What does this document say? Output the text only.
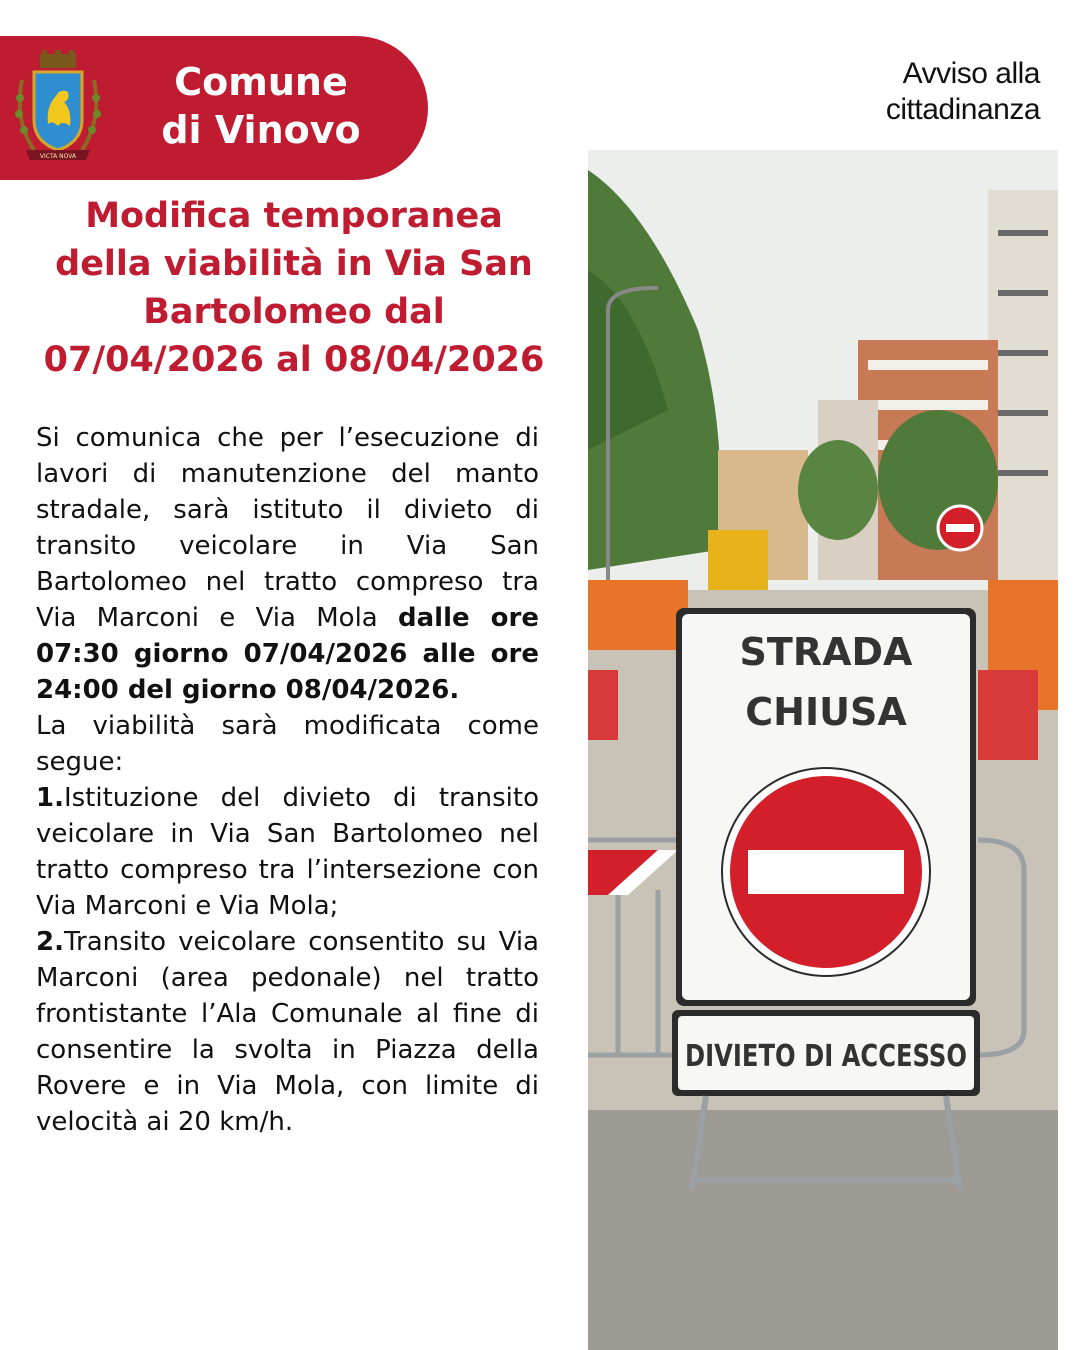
VICTA NOVA
Comune
di Vinovo
Avviso alla
cittadinanza
Modifica temporanea
della viabilità in Via San
Bartolomeo dal
07/04/2026 al 08/04/2026

Si comunica che per l’esecuzione di lavori di manutenzione del manto stradale, sarà istituto il divieto di transito veicolare in Via San Bartolomeo nel tratto compreso tra Via Marconi e Via Mola dalle ore 07:30 giorno 07/04/2026 alle ore 24:00 del giorno 08/04/2026.

La viabilità sarà modificata come segue:

1.Istituzione del divieto di transito veicolare in Via San Bartolomeo nel tratto compreso tra l’intersezione con Via Marconi e Via Mola;

2.Transito veicolare consentito su Via Marconi (area pedonale) nel tratto frontistante l’Ala Comunale al fine di consentire la svolta in Piazza della Rovere e in Via Mola, con limite di velocità ai 20 km/h.

STRADA
CHIUSA
DIVIETO DI ACCESSO
